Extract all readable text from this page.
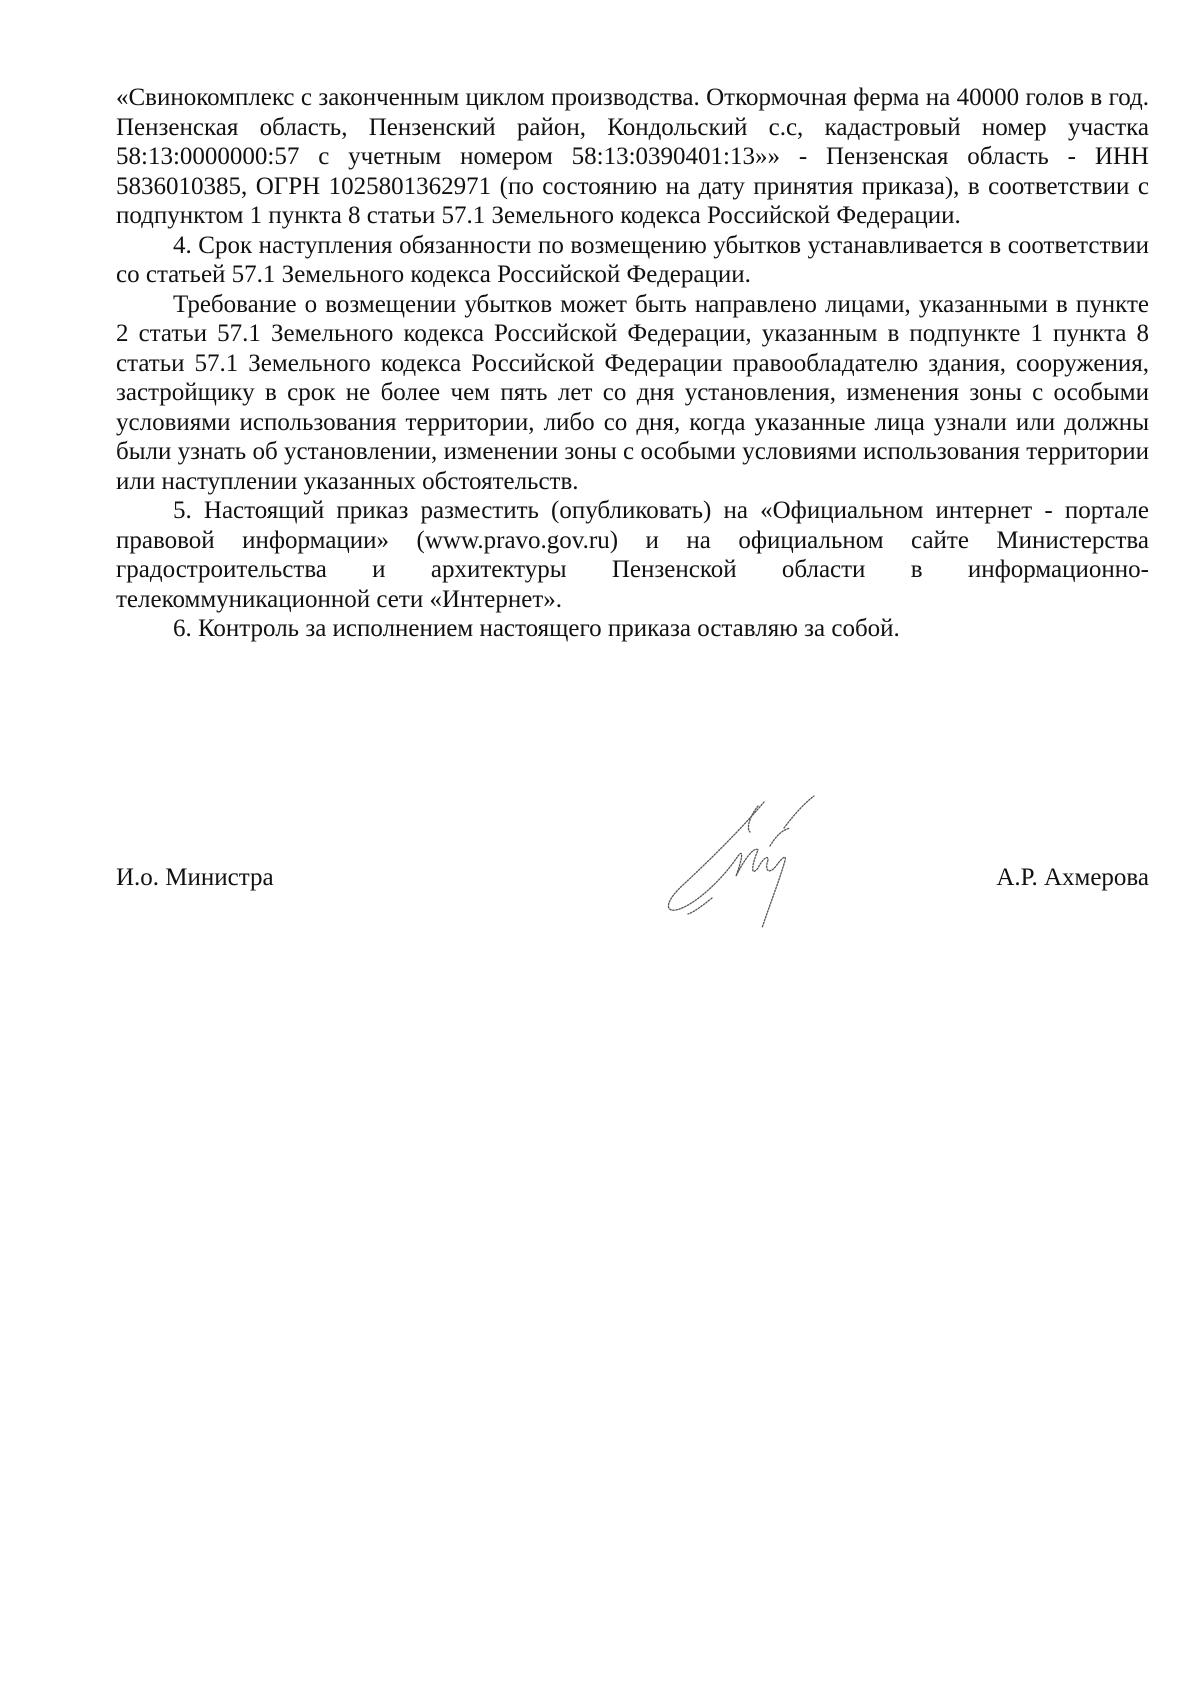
«Свинокомплекс с законченным циклом производства. Откормочная ферма на 40000 голов в год. Пензенская область, Пензенский район, Кондольский с.с, кадастровый номер участка 58:13:0000000:57 с учетным номером 58:13:0390401:13»» - Пензенская область - ИНН 5836010385, ОГРН 1025801362971 (по состоянию на дату принятия приказа), в соответствии с подпунктом 1 пункта 8 статьи 57.1 Земельного кодекса Российской Федерации.

4. Срок наступления обязанности по возмещению убытков устанавливается в соответствии со статьей 57.1 Земельного кодекса Российской Федерации.

Требование о возмещении убытков может быть направлено лицами, указанными в пункте 2 статьи 57.1 Земельного кодекса Российской Федерации, указанным в подпункте 1 пункта 8 статьи 57.1 Земельного кодекса Российской Федерации правообладателю здания, сооружения, застройщику в срок не более чем пять лет со дня установления, изменения зоны с особыми условиями использования территории, либо со дня, когда указанные лица узнали или должны были узнать об установлении, изменении зоны с особыми условиями использования территории или наступлении указанных обстоятельств.

5. Настоящий приказ разместить (опубликовать) на «Официальном интернет - портале правовой информации» (www.pravo.gov.ru) и на официальном сайте Министерства градостроительства и архитектуры Пензенской области в информационно-телекоммуникационной сети «Интернет».

6. Контроль за исполнением настоящего приказа оставляю за собой.

И.о. Министра	А.Р. Ахмерова
